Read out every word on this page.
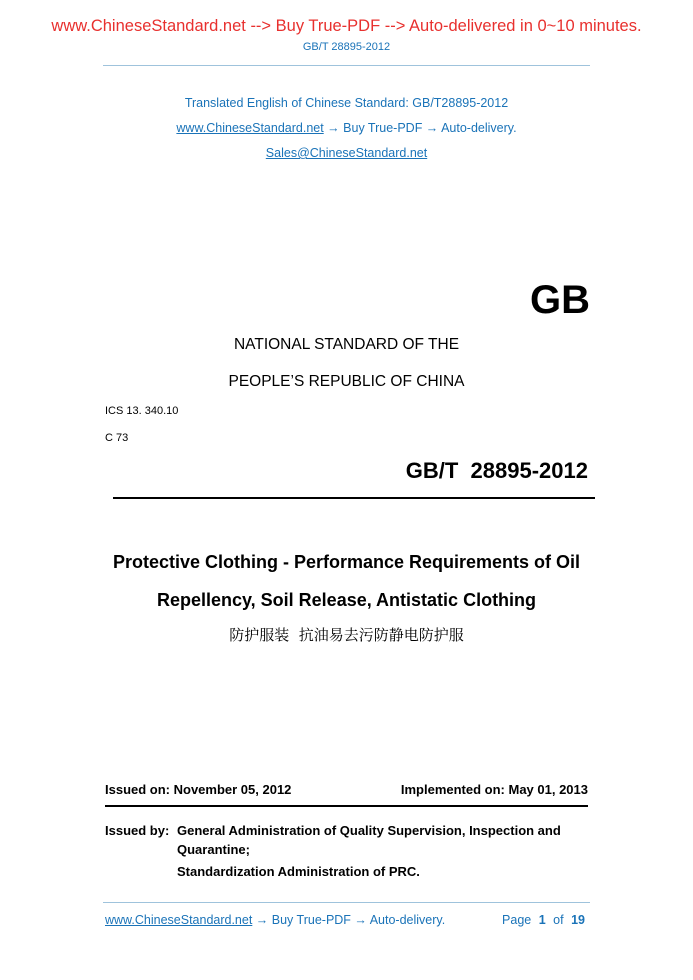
www.ChineseStandard.net --> Buy True-PDF --> Auto-delivered in 0~10 minutes.
GB/T 28895-2012
Translated English of Chinese Standard: GB/T28895-2012
www.ChineseStandard.net → Buy True-PDF → Auto-delivery.
Sales@ChineseStandard.net
GB
NATIONAL STANDARD OF THE
PEOPLE’S REPUBLIC OF CHINA
ICS 13. 340.10
C 73
GB/T  28895-2012
Protective Clothing - Performance Requirements of Oil
Repellency, Soil Release, Antistatic Clothing
防护服装  抗油易去污防静电防护服
Issued on: November 05, 2012	Implemented on: May 01, 2013
Issued by: General Administration of Quality Supervision, Inspection and
Quarantine;
Standardization Administration of PRC.
www.ChineseStandard.net → Buy True-PDF → Auto-delivery.	Page 1 of 19
